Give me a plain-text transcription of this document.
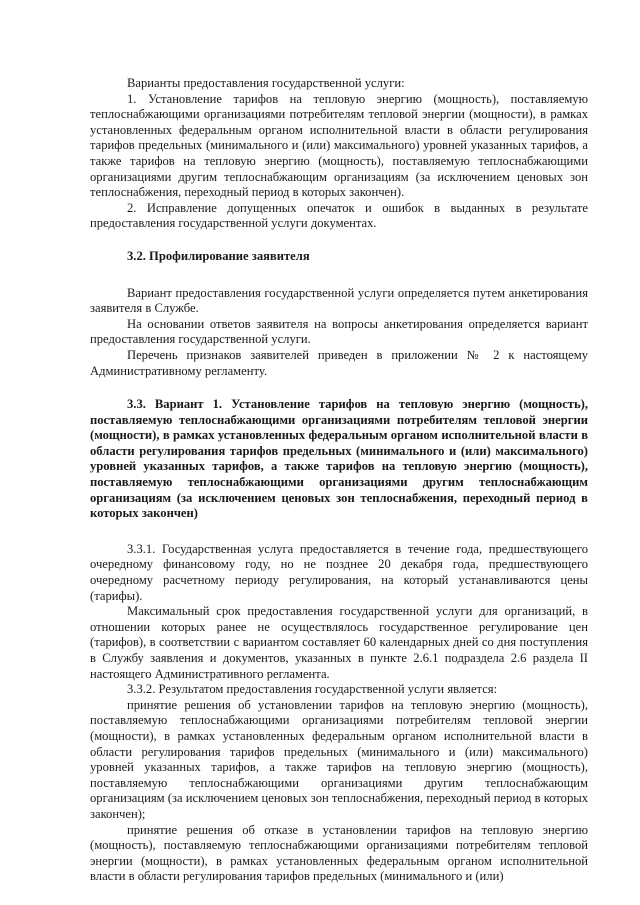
Варианты предоставления государственной услуги:

1. Установление тарифов на тепловую энергию (мощность), поставляемую теплоснабжающими организациями потребителям тепловой энергии (мощности), в рамках установленных федеральным органом исполнительной власти в области регулирования тарифов предельных (минимального и (или) максимального) уровней указанных тарифов, а также тарифов на тепловую энергию (мощность), поставляемую теплоснабжающими организациями другим теплоснабжающим организациям (за исключением ценовых зон теплоснабжения, переходный период в которых закончен).

2. Исправление допущенных опечаток и ошибок в выданных в результате предоставления государственной услуги документах.

3.2. Профилирование заявителя

Вариант предоставления государственной услуги определяется путем анкетирования заявителя в Службе.

На основании ответов заявителя на вопросы анкетирования определяется вариант предоставления государственной услуги.

Перечень признаков заявителей приведен в приложении № 2 к настоящему Административному регламенту.

3.3. Вариант 1. Установление тарифов на тепловую энергию (мощность), поставляемую теплоснабжающими организациями потребителям тепловой энергии (мощности), в рамках установленных федеральным органом исполнительной власти в области регулирования тарифов предельных (минимального и (или) максимального) уровней указанных тарифов, а также тарифов на тепловую энергию (мощность), поставляемую теплоснабжающими организациями другим теплоснабжающим организациям (за исключением ценовых зон теплоснабжения, переходный период в которых закончен)

3.3.1. Государственная услуга предоставляется в течение года, предшествующего очередному финансовому году, но не позднее 20 декабря года, предшествующего очередному расчетному периоду регулирования, на который устанавливаются цены (тарифы).

Максимальный срок предоставления государственной услуги для организаций, в отношении которых ранее не осуществлялось государственное регулирование цен (тарифов), в соответствии с вариантом составляет 60 календарных дней со дня поступления в Службу заявления и документов, указанных в пункте 2.6.1 подраздела 2.6 раздела II настоящего Административного регламента.

3.3.2. Результатом предоставления государственной услуги является:

принятие решения об установлении тарифов на тепловую энергию (мощность), поставляемую теплоснабжающими организациями потребителям тепловой энергии (мощности), в рамках установленных федеральным органом исполнительной власти в области регулирования тарифов предельных (минимального и (или) максимального) уровней указанных тарифов, а также тарифов на тепловую энергию (мощность), поставляемую теплоснабжающими организациями другим теплоснабжающим организациям (за исключением ценовых зон теплоснабжения, переходный период в которых закончен);

принятие решения об отказе в установлении тарифов на тепловую энергию (мощность), поставляемую теплоснабжающими организациями потребителям тепловой энергии (мощности), в рамках установленных федеральным органом исполнительной власти в области регулирования тарифов предельных (минимального и (или)
